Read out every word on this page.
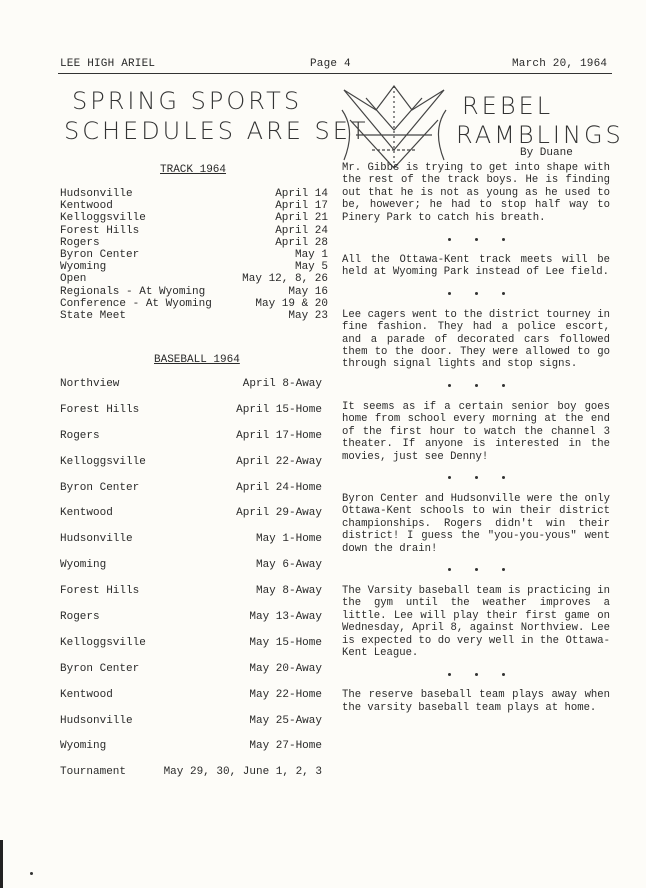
LEE HIGH ARIEL	Page 4	March 20, 1964
SPRING SPORTS
SCHEDULES ARE SET
REBEL
RAMBLINGS
By Duane
TRACK 1964
Hudsonville	April 14
Kentwood	April 17
Kelloggsville	April 21
Forest Hills	April 24
Rogers	April 28
Byron Center	May 1
Wyoming	May 5
Open	May 12, 8, 26
Regionals - At Wyoming	May 16
Conference - At Wyoming	May 19 & 20
State Meet	May 23
BASEBALL 1964
Northview	April 8-Away
Forest Hills	April 15-Home
Rogers	April 17-Home
Kelloggsville	April 22-Away
Byron Center	April 24-Home
Kentwood	April 29-Away
Hudsonville	May 1-Home
Wyoming	May 6-Away
Forest Hills	May 8-Away
Rogers	May 13-Away
Kelloggsville	May 15-Home
Byron Center	May 20-Away
Kentwood	May 22-Home
Hudsonville	May 25-Away
Wyoming	May 27-Home
Tournament	May 29, 30, June 1, 2, 3

Mr. Gibbs is trying to get into shape with the rest of the track boys. He is finding out that he is not as young as he used to be, however; he had to stop half way to Pinery Park to catch his breath.

All the Ottawa-Kent track meets will be held at Wyoming Park instead of Lee field.

Lee cagers went to the district tourney in fine fashion. They had a police escort, and a parade of decorated cars followed them to the door. They were allowed to go through signal lights and stop signs.

It seems as if a certain senior boy goes home from school every morning at the end of the first hour to watch the channel 3 theater. If anyone is interested in the movies, just see Denny!

Byron Center and Hudsonville were the only Ottawa-Kent schools to win their district championships. Rogers didn't win their district! I guess the "you-you-yous" went down the drain!

The Varsity baseball team is practicing in the gym until the weather improves a little. Lee will play their first game on Wednesday, April 8, against Northview. Lee is expected to do very well in the Ottawa-Kent League.

The reserve baseball team plays away when the varsity baseball team plays at home.
